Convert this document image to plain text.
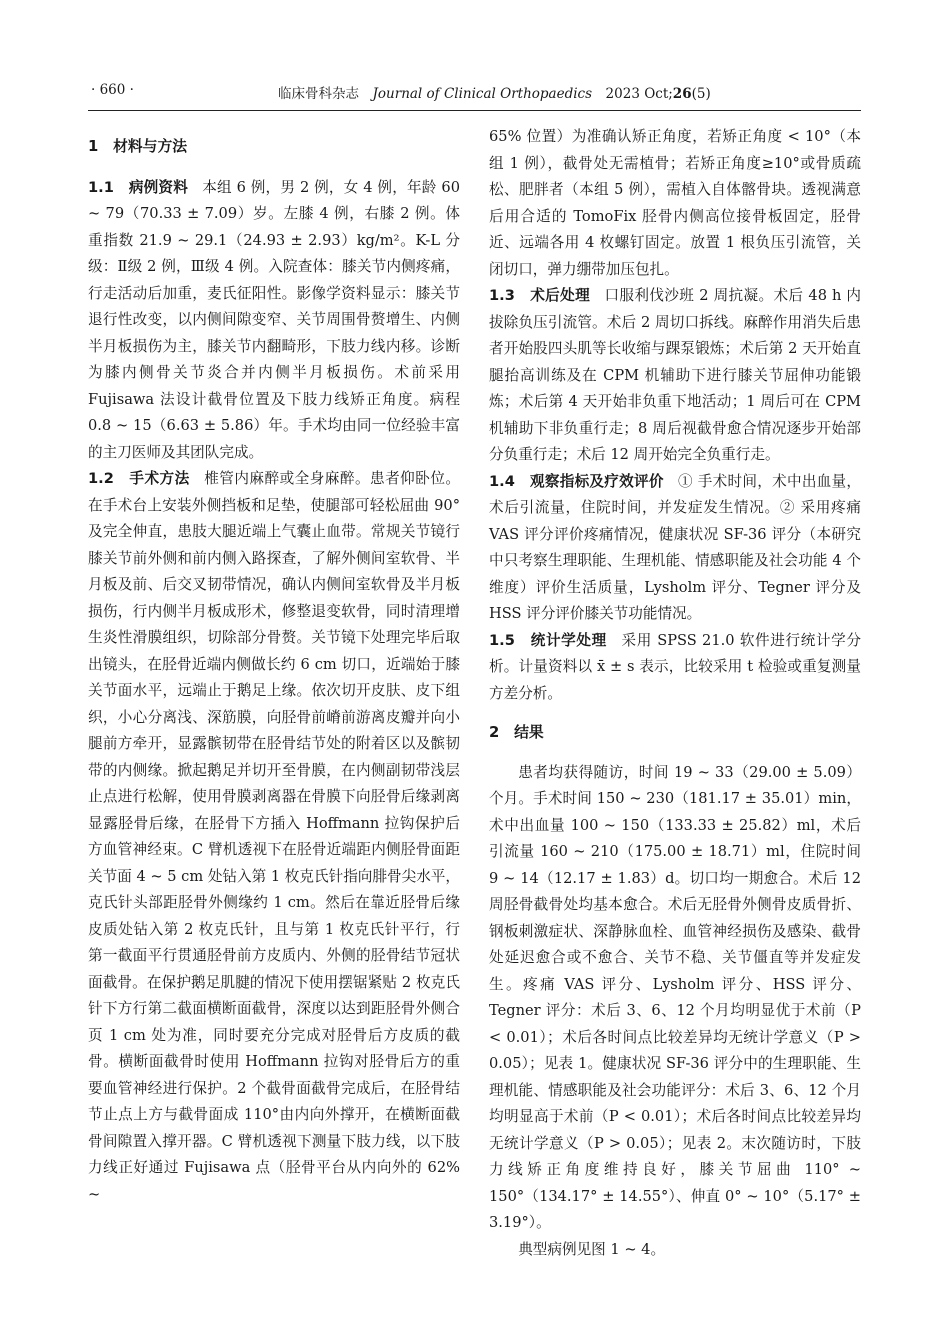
· 660 ·	临床骨科杂志　 Journal of Clinical Orthopaedics　 2023 Oct;26(5)
1　材料与方法

1.1　病例资料 本组 6 例，男 2 例，女 4 例，年龄 60 ~ 79（70.33 ± 7.09）岁。左膝 4 例，右膝 2 例。体重指数 21.9 ~ 29.1（24.93 ± 2.93）kg/m²。K-L 分级：Ⅱ级 2 例，Ⅲ级 4 例。入院查体：膝关节内侧疼痛，行走活动后加重，麦氏征阳性。影像学资料显示：膝关节退行性改变，以内侧间隙变窄、关节周围骨赘增生、内侧半月板损伤为主，膝关节内翻畸形，下肢力线内移。诊断为膝内侧骨关节炎合并内侧半月板损伤。术前采用 Fujisawa 法设计截骨位置及下肢力线矫正角度。病程 0.8 ~ 15（6.63 ± 5.86）年。手术均由同一位经验丰富的主刀医师及其团队完成。

1.2　手术方法 椎管内麻醉或全身麻醉。患者仰卧位。在手术台上安装外侧挡板和足垫，使腿部可轻松屈曲 90°及完全伸直，患肢大腿近端上气囊止血带。常规关节镜行膝关节前外侧和前内侧入路探查，了解外侧间室软骨、半月板及前、后交叉韧带情况，确认内侧间室软骨及半月板损伤，行内侧半月板成形术，修整退变软骨，同时清理增生炎性滑膜组织，切除部分骨赘。关节镜下处理完毕后取出镜头，在胫骨近端内侧做长约 6 cm 切口，近端始于膝关节面水平，远端止于鹅足上缘。依次切开皮肤、皮下组织，小心分离浅、深筋膜，向胫骨前嵴前游离皮瓣并向小腿前方牵开，显露髌韧带在胫骨结节处的附着区以及髌韧带的内侧缘。掀起鹅足并切开至骨膜，在内侧副韧带浅层止点进行松解，使用骨膜剥离器在骨膜下向胫骨后缘剥离显露胫骨后缘，在胫骨下方插入 Hoffmann 拉钩保护后方血管神经束。C 臂机透视下在胫骨近端距内侧胫骨面距关节面 4 ~ 5 cm 处钻入第 1 枚克氏针指向腓骨尖水平，克氏针头部距胫骨外侧缘约 1 cm。然后在靠近胫骨后缘皮质处钻入第 2 枚克氏针，且与第 1 枚克氏针平行，行第一截面平行贯通胫骨前方皮质内、外侧的胫骨结节冠状面截骨。在保护鹅足肌腱的情况下使用摆锯紧贴 2 枚克氏针下方行第二截面横断面截骨，深度以达到距胫骨外侧合页 1 cm 处为准，同时要充分完成对胫骨后方皮质的截骨。横断面截骨时使用 Hoffmann 拉钩对胫骨后方的重要血管神经进行保护。2 个截骨面截骨完成后，在胫骨结节止点上方与截骨面成 110°由内向外撑开，在横断面截骨间隙置入撑开器。C 臂机透视下测量下肢力线，以下肢力线正好通过 Fujisawa 点（胫骨平台从内向外的 62% ~

65% 位置）为准确认矫正角度，若矫正角度 < 10°（本组 1 例），截骨处无需植骨；若矫正角度≥10°或骨质疏松、肥胖者（本组 5 例），需植入自体髂骨块。透视满意后用合适的 TomoFix 胫骨内侧高位接骨板固定，胫骨近、远端各用 4 枚螺钉固定。放置 1 根负压引流管，关闭切口，弹力绷带加压包扎。

1.3　术后处理 口服利伐沙班 2 周抗凝。术后 48 h 内拔除负压引流管。术后 2 周切口拆线。麻醉作用消失后患者开始股四头肌等长收缩与踝泵锻炼；术后第 2 天开始直腿抬高训练及在 CPM 机辅助下进行膝关节屈伸功能锻炼；术后第 4 天开始非负重下地活动；1 周后可在 CPM 机辅助下非负重行走；8 周后视截骨愈合情况逐步开始部分负重行走；术后 12 周开始完全负重行走。

1.4　观察指标及疗效评价 ① 手术时间，术中出血量，术后引流量，住院时间，并发症发生情况。② 采用疼痛 VAS 评分评价疼痛情况，健康状况 SF-36 评分（本研究中只考察生理职能、生理机能、情感职能及社会功能 4 个维度）评价生活质量，Lysholm 评分、Tegner 评分及 HSS 评分评价膝关节功能情况。

1.5　统计学处理 采用 SPSS 21.0 软件进行统计学分析。计量资料以 x̄ ± s 表示，比较采用 t 检验或重复测量方差分析。

2　结果

患者均获得随访，时间 19 ~ 33（29.00 ± 5.09）个月。手术时间 150 ~ 230（181.17 ± 35.01）min，术中出血量 100 ~ 150（133.33 ± 25.82）ml，术后引流量 160 ~ 210（175.00 ± 18.71）ml，住院时间 9 ~ 14（12.17 ± 1.83）d。切口均一期愈合。术后 12 周胫骨截骨处均基本愈合。术后无胫骨外侧骨皮质骨折、钢板刺激症状、深静脉血栓、血管神经损伤及感染、截骨处延迟愈合或不愈合、关节不稳、关节僵直等并发症发生。疼痛 VAS 评分、Lysholm 评分、HSS 评分、Tegner 评分：术后 3、6、12 个月均明显优于术前（P < 0.01）；术后各时间点比较差异均无统计学意义（P > 0.05）；见表 1。健康状况 SF-36 评分中的生理职能、生理机能、情感职能及社会功能评分：术后 3、6、12 个月均明显高于术前（P < 0.01）；术后各时间点比较差异均无统计学意义（P > 0.05）；见表 2。末次随访时，下肢力线矫正角度维持良好，膝关节屈曲 110° ~ 150°（134.17° ± 14.55°）、伸直 0° ~ 10°（5.17° ± 3.19°）。

典型病例见图 1 ~ 4。
